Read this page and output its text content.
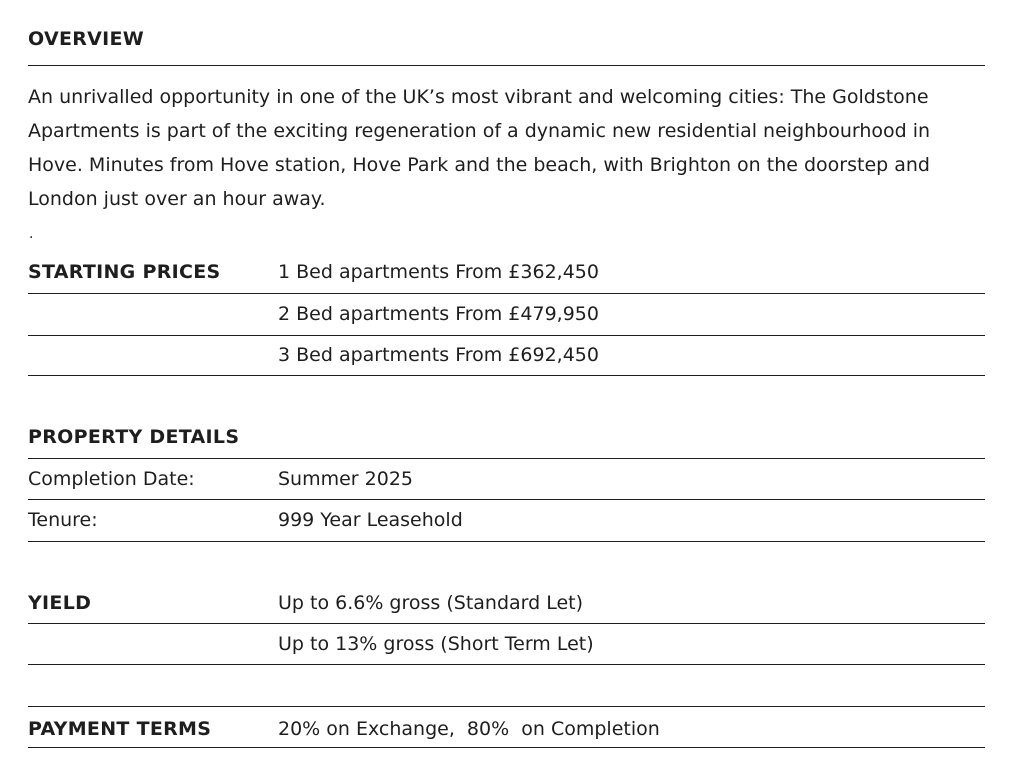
OVERVIEW
An unrivalled opportunity in one of the UK’s most vibrant and welcoming cities: The Goldstone Apartments is part of the exciting regeneration of a dynamic new residential neighbourhood in Hove. Minutes from Hove station, Hove Park and the beach, with Brighton on the doorstep and London just over an hour away.
.
STARTING PRICES	1 Bed apartments From £362,450
2 Bed apartments From £479,950
3 Bed apartments From £692,450
PROPERTY DETAILS
Completion Date:	Summer 2025
Tenure:	999 Year Leasehold
YIELD	Up to 6.6% gross (Standard Let)
Up to 13% gross (Short Term Let)
PAYMENT TERMS	20% on Exchange,  80%  on Completion
